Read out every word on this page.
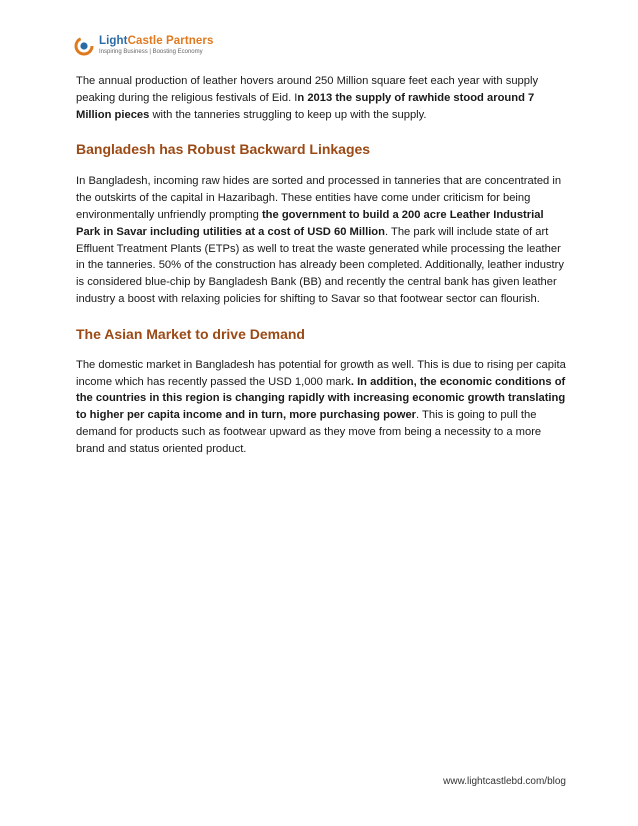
LightCastle Partners
Inspiring Business | Boosting Economy

The annual production of leather hovers around 250 Million square feet each year with supply peaking during the religious festivals of Eid. In 2013 the supply of rawhide stood around 7 Million pieces with the tanneries struggling to keep up with the supply.

Bangladesh has Robust Backward Linkages

In Bangladesh, incoming raw hides are sorted and processed in tanneries that are concentrated in the outskirts of the capital in Hazaribagh. These entities have come under criticism for being environmentally unfriendly prompting the government to build a 200 acre Leather Industrial Park in Savar including utilities at a cost of USD 60 Million. The park will include state of art Effluent Treatment Plants (ETPs) as well to treat the waste generated while processing the leather in the tanneries. 50% of the construction has already been completed. Additionally, leather industry is considered blue-chip by Bangladesh Bank (BB) and recently the central bank has given leather industry a boost with relaxing policies for shifting to Savar so that footwear sector can flourish.

The Asian Market to drive Demand

The domestic market in Bangladesh has potential for growth as well. This is due to rising per capita income which has recently passed the USD 1,000 mark. In addition, the economic conditions of the countries in this region is changing rapidly with increasing economic growth translating to higher per capita income and in turn, more purchasing power. This is going to pull the demand for products such as footwear upward as they move from being a necessity to a more brand and status oriented product.

www.lightcastlebd.com/blog
